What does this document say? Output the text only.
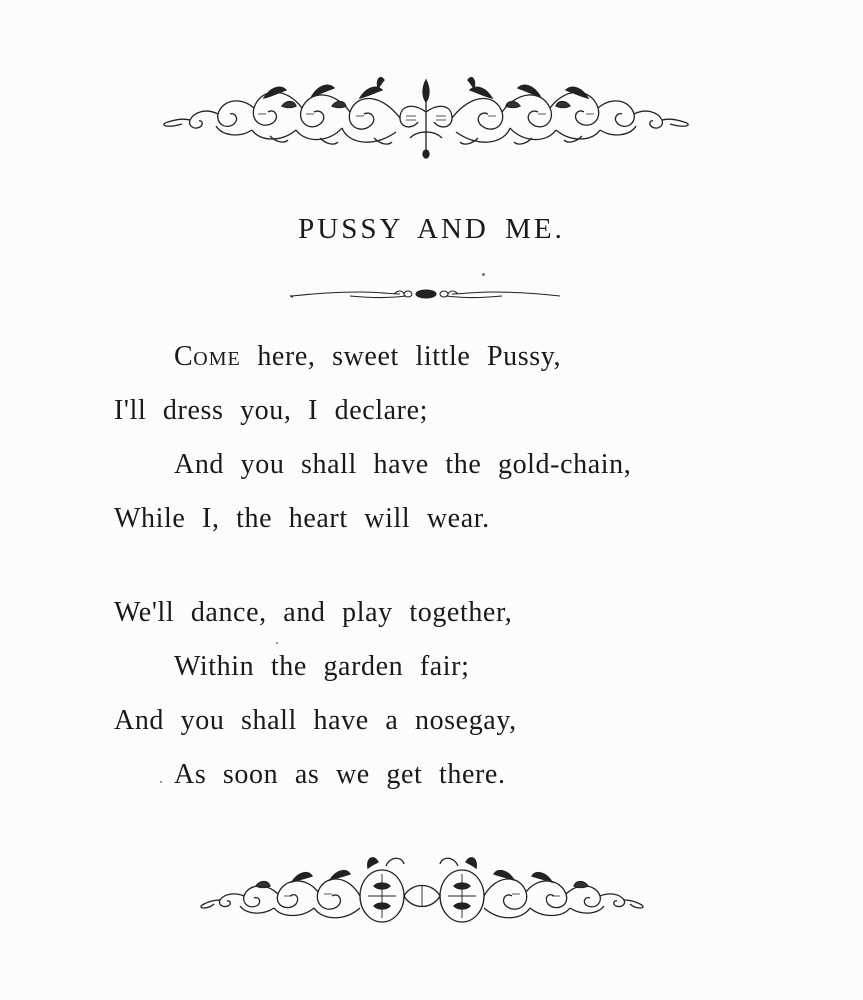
PUSSY AND ME.
COME here, sweet little Pussy,
I'll dress you, I declare;
And you shall have the gold-chain,
While I, the heart will wear.
We'll dance, and play together,
Within the garden fair;
And you shall have a nosegay,
As soon as we get there.
